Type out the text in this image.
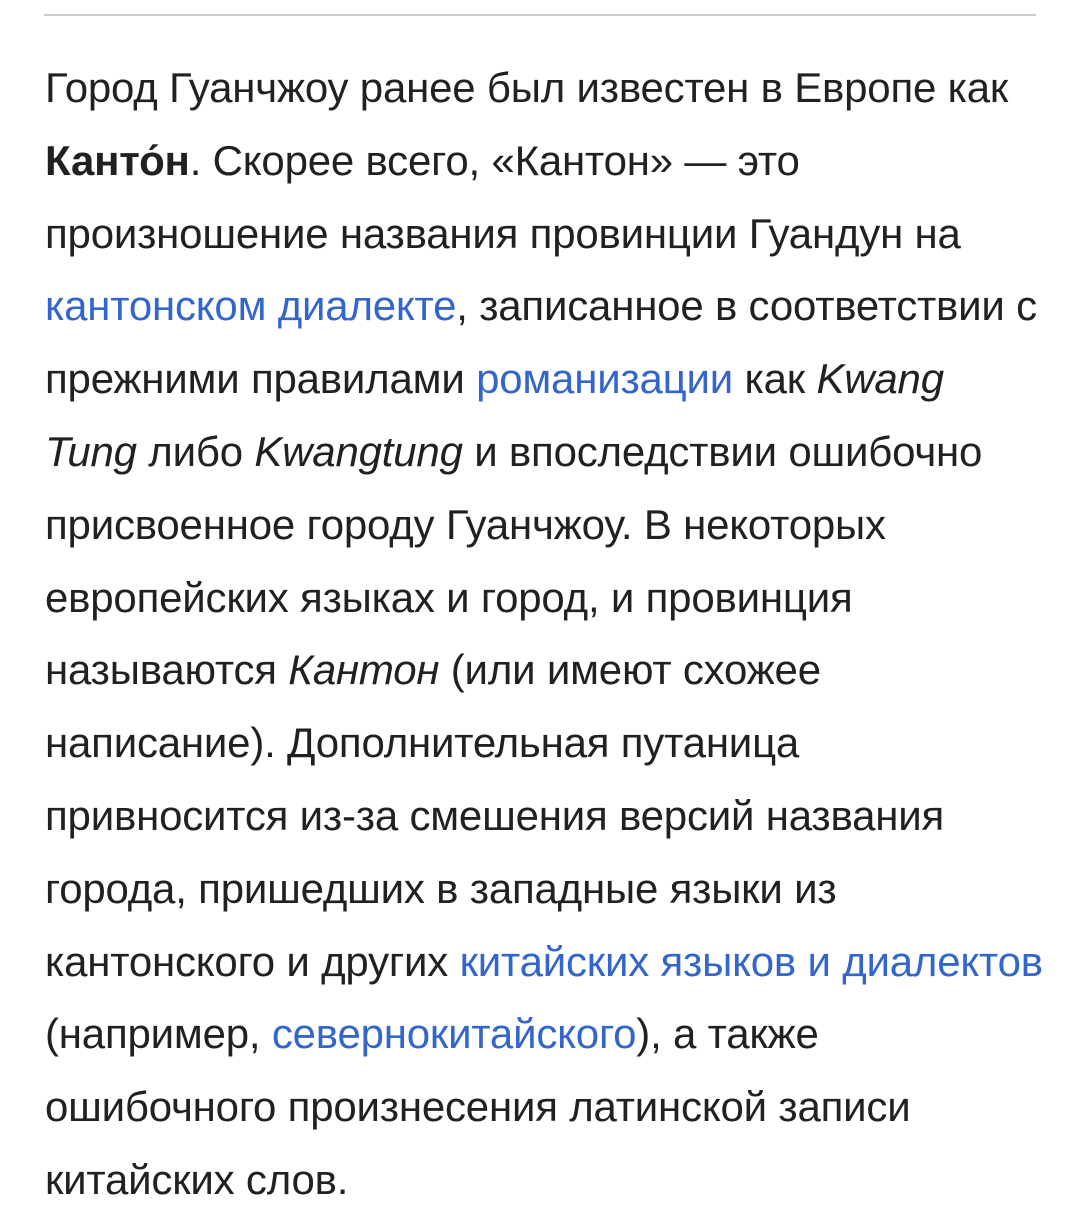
Город Гуанчжоу ранее был известен в Европе как Канто́н. Скорее всего, «Кантон» — это произношение названия провинции Гуандун на кантонском диалекте, записанное в соответствии с прежними правилами романизации как Kwang Tung либо Kwangtung и впоследствии ошибочно присвоенное городу Гуанчжоу. В некоторых европейских языках и город, и провинция называются Кантон (или имеют схожее написание). Дополнительная путаница привносится из-за смешения версий названия города, пришедших в западные языки из кантонского и других китайских языков и диалектов (например, севернокитайского), а также ошибочного произнесения латинской записи китайских слов.
